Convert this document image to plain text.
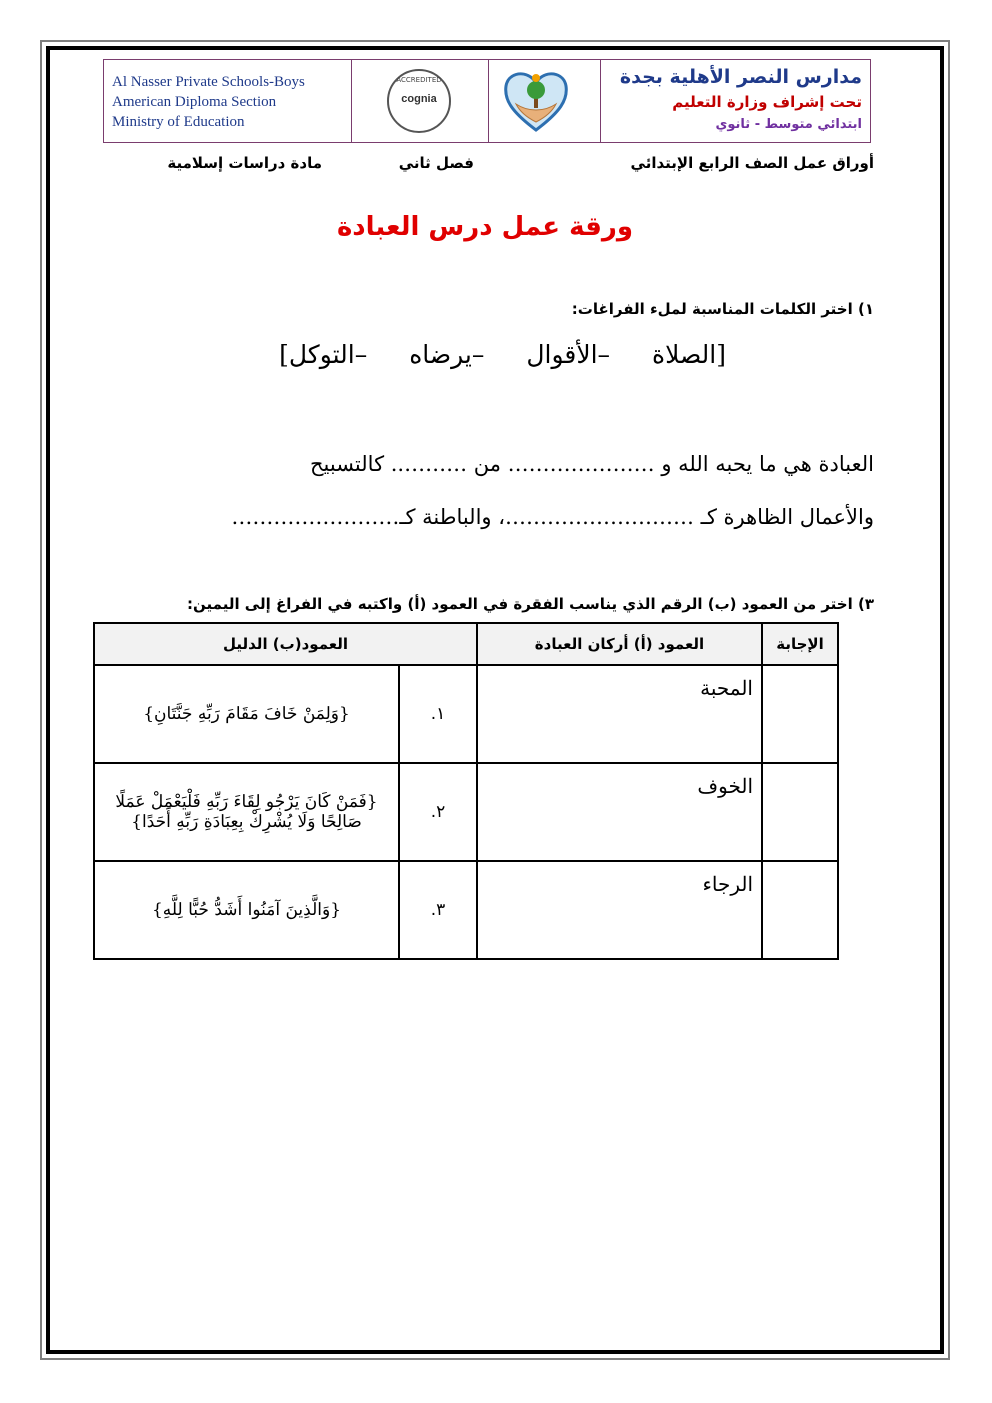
Al Nasser Private Schools-Boys
American Diploma Section
Ministry of Education
ACCREDITED
cognia
مدارس النصر الأهلية بجدة
تحت إشراف وزارة التعليم
ابتدائي متوسط - ثانوي
أوراق عمل الصف الرابع الإبتدائي
فصل ثاني
مادة دراسات إسلامية
ورقة عمل درس العبادة
١) اختر الكلمات المناسبة لملء الفراغات:
[الصلاة –الأقوال –يرضاه –التوكل]
العبادة هي ما يحبه الله و ………………… من ……….. كالتسبيح
والأعمال الظاهرة كـ ………………………، والباطنة كـ……………………
٣) اختر من العمود (ب) الرقم الذي يناسب الفقرة في العمود (أ) واكتبه في الفراغ إلى اليمين:
الإجابة	العمود (أ) أركان العبادة	العمود(ب) الدليل	
	المحبة	١.	{وَلِمَنْ خَافَ مَقَامَ رَبِّهِ جَنَّتَانِ}
	الخوف	٢.	{فَمَنْ كَانَ يَرْجُو لِقَاءَ رَبِّهِ فَلْيَعْمَلْ عَمَلًا صَالِحًا وَلَا يُشْرِكْ بِعِبَادَةِ رَبِّهِ أَحَدًا}
	الرجاء	٣.	{وَالَّذِينَ آمَنُوا أَشَدُّ حُبًّا لِلَّهِ}
